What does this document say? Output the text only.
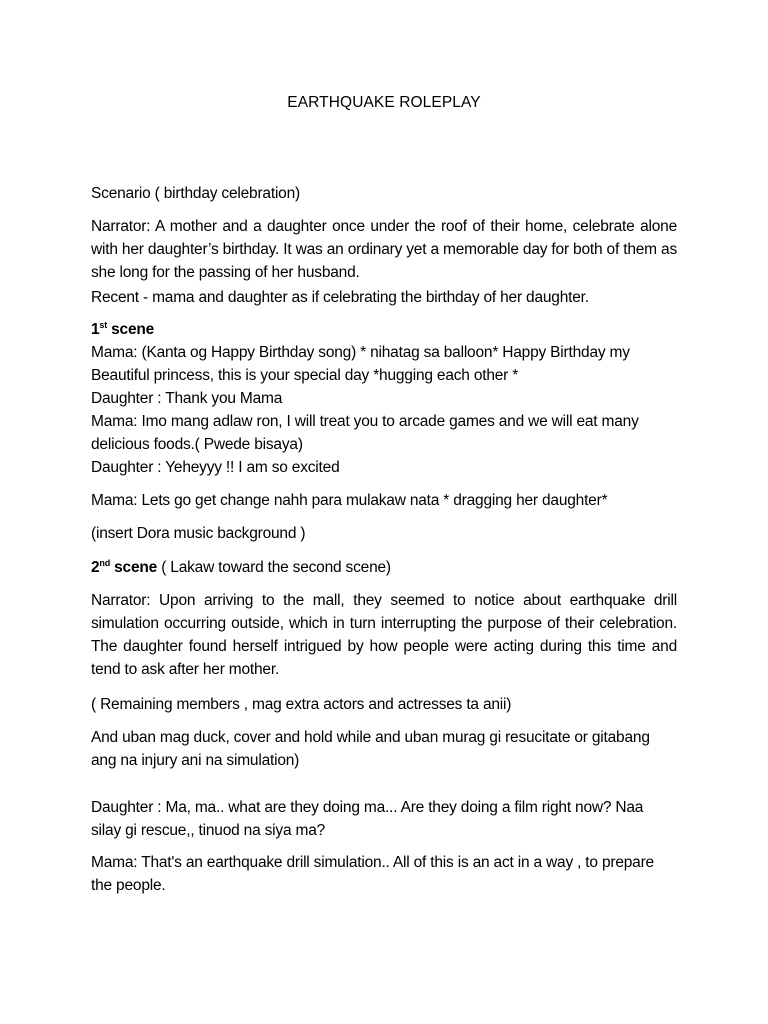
EARTHQUAKE ROLEPLAY
Scenario ( birthday celebration)
Narrator: A mother and a daughter once under the roof of their home, celebrate alone with her daughter’s birthday. It was an ordinary yet a memorable day for both of them as she long for the passing of her husband.
Recent - mama and daughter as if celebrating the birthday of her daughter.
1st scene
Mama: (Kanta og Happy Birthday song) * nihatag sa balloon* Happy Birthday my
Beautiful princess, this is your special day *hugging each other *
Daughter : Thank you Mama
Mama: Imo mang adlaw ron, I will treat you to arcade games and we will eat many
delicious foods.( Pwede bisaya)
Daughter : Yeheyyy !! I am so excited
Mama: Lets go get change nahh para mulakaw nata * dragging her daughter*
(insert Dora music background )
2nd scene ( Lakaw toward the second scene)
Narrator: Upon arriving to the mall, they seemed to notice about earthquake drill simulation occurring outside, which in turn interrupting the purpose of their celebration. The daughter found herself intrigued by how people were acting during this time and tend to ask after her mother.
( Remaining members , mag extra actors and actresses ta anii)
And uban mag duck, cover and hold while and uban murag gi resucitate or gitabang ang na injury ani na simulation)
Daughter : Ma, ma.. what are they doing ma... Are they doing a film right now? Naa silay gi rescue,, tinuod na siya ma?
Mama: That's an earthquake drill simulation.. All of this is an act in a way , to prepare the people.
